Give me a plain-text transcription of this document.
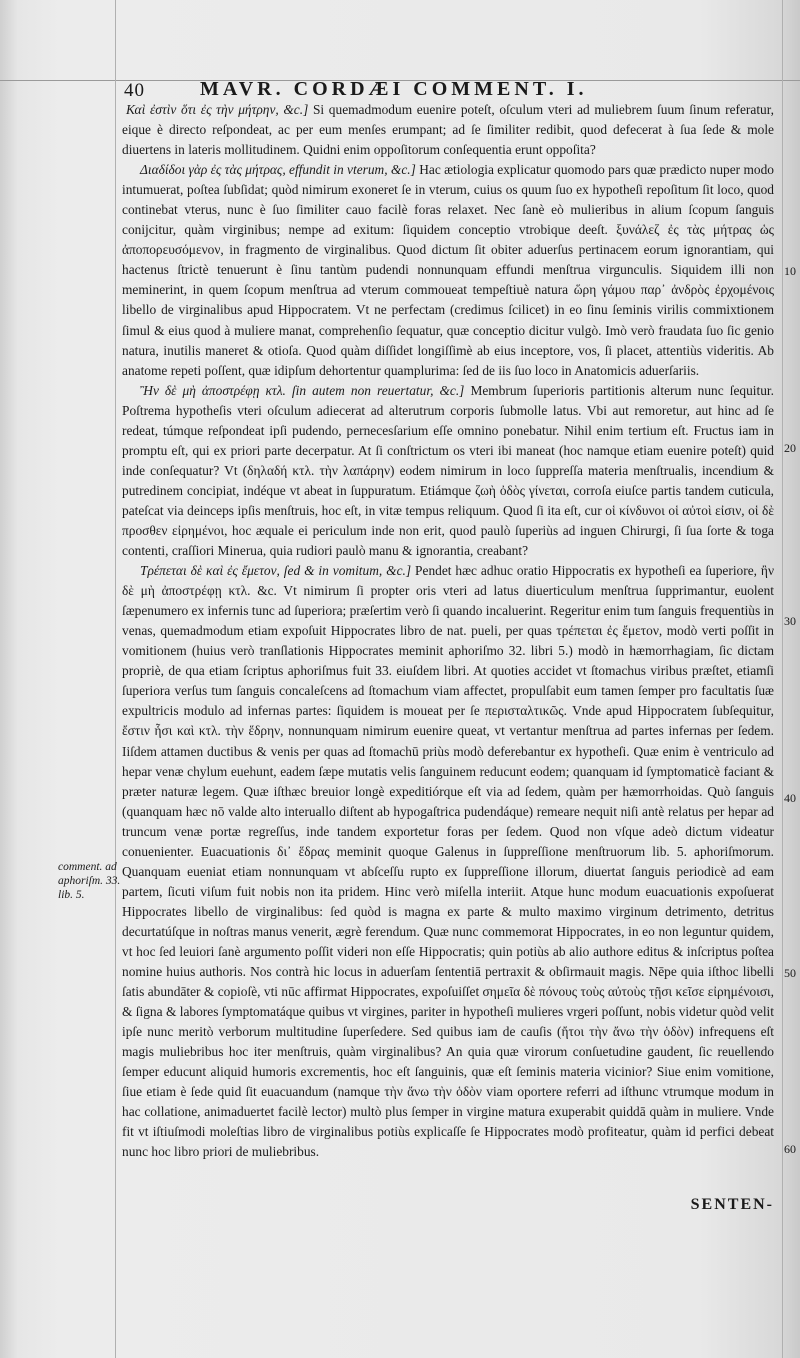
40	MAVR. CORDÆI COMMENT. I.

Καὶ ἐστὶν ὅτι ἐς τὴν μήτρην, &c.] Si quemadmodum euenire poteſt, oſculum vteri ad muliebrem ſuum ſinum referatur, eique è directo reſpondeat, ac per eum menſes erumpant; ad ſe ſimiliter redibit, quod defecerat à ſua ſede & mole diuertens in lateris mollitudinem. Quidni enim oppoſitorum conſequentia erunt oppoſita?

Διαδίδοι γὰρ ἐς τὰς μήτρας, effundit in vterum, &c.] Hac ætiologia explicatur quomodo pars quæ prædicto nuper modo intumuerat, poſtea ſubſidat; quòd nimirum exoneret ſe in vterum, cuius os quum ſuo ex hypotheſi repoſitum ſit loco, quod continebat vterus, nunc è ſuo ſimiliter cauo facilè foras relaxet. Nec ſanè eò mulieribus in alium ſcopum ſanguis conijcitur, quàm virginibus; nempe ad exitum: ſiquidem conceptio vtrobique deeſt. ξυνάλεζ ἐς τὰς μήτρας ὡς ἀποπορευσόμενον, in fragmento de virginalibus. Quod dictum ſit obiter aduerſus pertinacem eorum ignorantiam, qui hactenus ſtrictè tenuerunt è ſinu tantùm pudendi nonnunquam effundi menſtrua virgunculis. Siquidem illi non meminerint, in quem ſcopum menſtrua ad vterum commoueat tempeſtiuè natura ὥρη γάμου παρ᾽ ἀνδρὸς ἐρχομένοις libello de virginalibus apud Hippocratem. Vt ne perfectam (credimus ſcilicet) in eo ſinu ſeminis virilis commixtionem ſimul & eius quod à muliere manat, comprehenſio ſequatur, quæ conceptio dicitur vulgò. Imò verò fraudata ſuo ſic genio natura, inutilis maneret & otioſa. Quod quàm diſſidet longiſſimè ab eius inceptore, vos, ſi placet, attentiùs videritis. Ab anatome repeti poſſent, quæ idipſum dehortentur quamplurima: ſed de iis ſuo loco in Anatomicis aduerſariis.

Ἢν δὲ μὴ ἀποστρέφῃ κτλ. ſin autem non reuertatur, &c.] Membrum ſuperioris partitionis alterum nunc ſequitur. Poſtrema hypotheſis vteri oſculum adiecerat ad alterutrum corporis ſubmolle latus. Vbi aut remoretur, aut hinc ad ſe redeat, túmque reſpondeat ipſi pudendo, pernecesſarium eſſe omnino ponebatur. Nihil enim tertium eſt. Fructus iam in promptu eſt, qui ex priori parte decerpatur. At ſi conſtrictum os vteri ibi maneat (hoc namque etiam euenire poteſt) quid inde conſequatur? Vt (δηλαδή κτλ. τὴν λαπάρην) eodem nimirum in loco ſuppreſſa materia menſtrualis, incendium & putredinem concipiat, indéque vt abeat in ſuppuratum. Etiámque ζωὴ ὀδὸς γίνεται, corroſa eiuſce partis tandem cuticula, pateſcat via deinceps ipſis menſtruis, hoc eſt, in vitæ tempus reliquum. Quod ſi ita eſt, cur οἱ κίνδυνοι οἱ αὐτοὶ εἰσιν, οἱ δὲ προσθεν εἰρημένοι, hoc æquale ei periculum inde non erit, quod paulò ſuperiùs ad inguen Chirurgi, ſi ſua ſorte & toga contenti, craſſiori Minerua, quia rudiori paulò manu & ignorantia, creabant?

Τρέπεται δὲ καὶ ἐς ἔμετον, ſed & in vomitum, &c.] Pendet hæc adhuc oratio Hippocratis ex hypotheſi ea ſuperiore, ἢν δὲ μὴ ἀποστρέφῃ κτλ. &c. Vt nimirum ſi propter oris vteri ad latus diuerticulum menſtrua ſupprimantur, euolent ſæpenumero ex infernis tunc ad ſuperiora; præſertim verò ſi quando incaluerint. Regeritur enim tum ſanguis frequentiùs in venas, quemadmodum etiam expoſuit Hippocrates libro de nat. pueli, per quas τρέπεται ἐς ἔμετον, modò verti poſſit in vomitionem (huius verò tranſlationis Hippocrates meminit aphoriſmo 32. libri 5.) modò in hæmorrhagiam, ſic dictam propriè, de qua etiam ſcriptus aphoriſmus fuit 33. eiuſdem libri. At quoties accidet vt ſtomachus viribus præſtet, etiamſi ſuperiora verſus tum ſanguis concaleſcens ad ſtomachum viam affectet, propulſabit eum tamen ſemper pro facultatis ſuæ expultricis modulo ad infernas partes: ſiquidem is moueat per ſe περισταλτικῶς. Vnde apud Hippocratem ſubſequitur, ἔστιν ἧσι καὶ κτλ. τὴν ἕδρην, nonnunquam nimirum euenire queat, vt vertantur menſtrua ad partes infernas per ſedem. Iiſdem attamen ductibus & venis per quas ad ſtomachū priùs modò deferebantur ex hypotheſi. Quæ enim è ventriculo ad hepar venæ chylum euehunt, eadem ſæpe mutatis velis ſanguinem reducunt eodem; quanquam id ſymptomaticè faciant & præter naturæ legem. Quæ iſthæc breuior longè expeditiórque eſt via ad ſedem, quàm per hæmorrhoidas. Quò ſanguis (quanquam hæc nō valde alto interuallo diſtent ab hypogaſtrica pudendáque) remeare nequit niſi antè relatus per hepar ad truncum venæ portæ regreſſus, inde tandem exportetur foras per ſedem. Quod non vſque adeò dictum videatur conuenienter. Euacuationis δι᾽ ἕδρας meminit quoque Galenus in ſuppreſſione menſtruorum lib. 5. aphoriſmorum. Quanquam eueniat etiam nonnunquam vt abſceſſu rupto ex ſuppreſſione illorum, diuertat ſanguis periodicè ad eam partem, ſicuti viſum fuit nobis non ita pridem. Hinc verò miſella interiit. Atque hunc modum euacuationis expoſuerat Hippocrates libello de virginalibus: ſed quòd is magna ex parte & multo maximo virginum detrimento, detritus decurtatúſque in noſtras manus venerit, ægrè ferendum. Quæ nunc commemorat Hippocrates, in eo non leguntur quidem, vt hoc ſed leuiori ſanè argumento poſſit videri non eſſe Hippocratis; quin potiùs ab alio authore editus & inſcriptus poſtea nomine huius authoris. Nos contrà hic locus in aduerſam ſententiā pertraxit & obſirmauit magis. Nēpe quia iſthoc libelli ſatis abundāter & copioſè, vti nūc affirmat Hippocrates, expoſuiſſet σημεῖα δὲ πόνους τοὺς αὐτοὺς τῇσι κεῖσε εἰρημένοισι, & ſigna & labores ſymptomatáque quibus vt virgines, pariter in hypotheſi mulieres vrgeri poſſunt, nobis videtur quòd velit ipſe nunc meritò verborum multitudine ſuperſedere. Sed quibus iam de cauſis (ἤτοι τὴν ἄνω τὴν ὁδὸν) infrequens eſt magis muliebribus hoc iter menſtruis, quàm virginalibus? An quia quæ virorum conſuetudine gaudent, ſic reuellendo ſemper educunt aliquid humoris excrementis, hoc eſt ſanguinis, quæ eſt ſeminis materia vicinior? Siue enim vomitione, ſiue etiam è ſede quid ſit euacuandum (namque τὴν ἄνω τὴν ὁδὸν viam oportere referri ad iſthunc vtrumque modum in hac collatione, animaduertet facilè lector) multò plus ſemper in virgine matura exuperabit quiddā quàm in muliere. Vnde fit vt iſtiuſmodi moleſtias libro de virginalibus potiùs explicaſſe ſe Hippocrates modò profiteatur, quàm id perfici debeat nunc hoc libro priori de muliebribus.

comment. ad aphoriſm. 33. lib. 5.
10
20
30
40
50
60
SENTEN-
